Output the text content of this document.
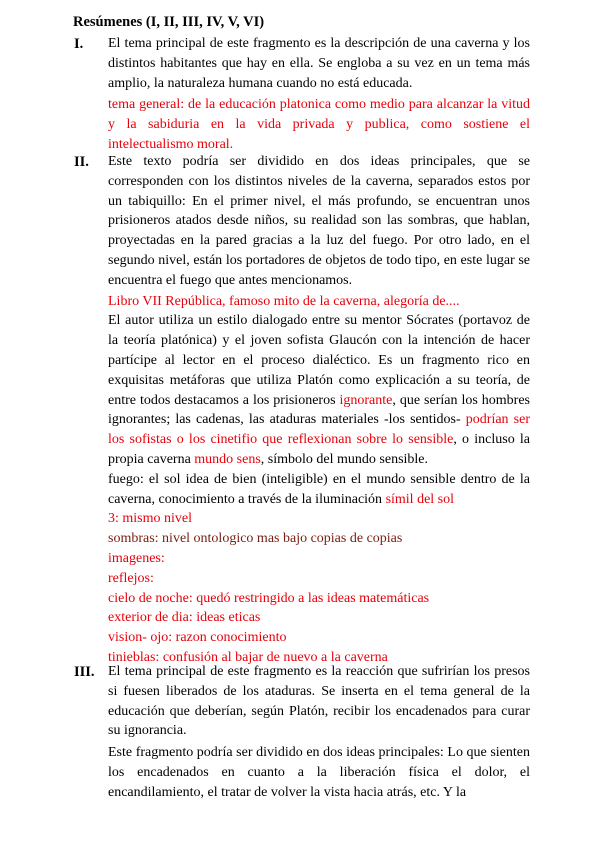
Resúmenes (I, II, III, IV, V, VI)
I.	El tema principal de este fragmento es la descripción de una caverna y los distintos habitantes que hay en ella. Se engloba a su vez en un tema más amplio, la naturaleza humana cuando no está educada.

tema general: de la educación platonica como medio para alcanzar la vitud y la sabiduria en la vida privada y publica, como sostiene el intelectualismo moral.

II.	Este texto podría ser dividido en dos ideas principales, que se corresponden con los distintos niveles de la caverna, separados estos por un tabiquillo: En el primer nivel, el más profundo, se encuentran unos prisioneros atados desde niños, su realidad son las sombras, que hablan, proyectadas en la pared gracias a la luz del fuego. Por otro lado, en el segundo nivel, están los portadores de objetos de todo tipo, en este lugar se encuentra el fuego que antes mencionamos.

Libro VII República, famoso mito de la caverna, alegoría de....

El autor utiliza un estilo dialogado entre su mentor Sócrates (portavoz de la teoría platónica) y el joven sofista Glaucón con la intención de hacer partícipe al lector en el proceso dialéctico. Es un fragmento rico en exquisitas metáforas que utiliza Platón como explicación a su teoría, de entre todos destacamos a los prisioneros ignorante, que serían los hombres ignorantes; las cadenas, las ataduras materiales -los sentidos- podrían ser los sofistas o los cinetifio que reflexionan sobre lo sensible, o incluso la propia caverna mundo sens, símbolo del mundo sensible.

fuego: el sol idea de bien (inteligible) en el mundo sensible dentro de la caverna, conocimiento a través de la iluminación símil del sol

3: mismo nivel

sombras: nivel ontologico mas bajo copias de copias

imagenes:

reflejos:

cielo de noche: quedó restringido a las ideas matemáticas

exterior de dia: ideas eticas

vision- ojo: razon conocimiento

tinieblas: confusión al bajar de nuevo a la caverna

III. El tema principal de este fragmento es la reacción que sufrirían los presos si fuesen liberados de los ataduras. Se inserta en el tema general de la educación que deberían, según Platón, recibir los encadenados para curar su ignorancia.

Este fragmento podría ser dividido en dos ideas principales: Lo que sienten los encadenados en cuanto a la liberación física el dolor, el encandilamiento, el tratar de volver la vista hacia atrás, etc. Y la
